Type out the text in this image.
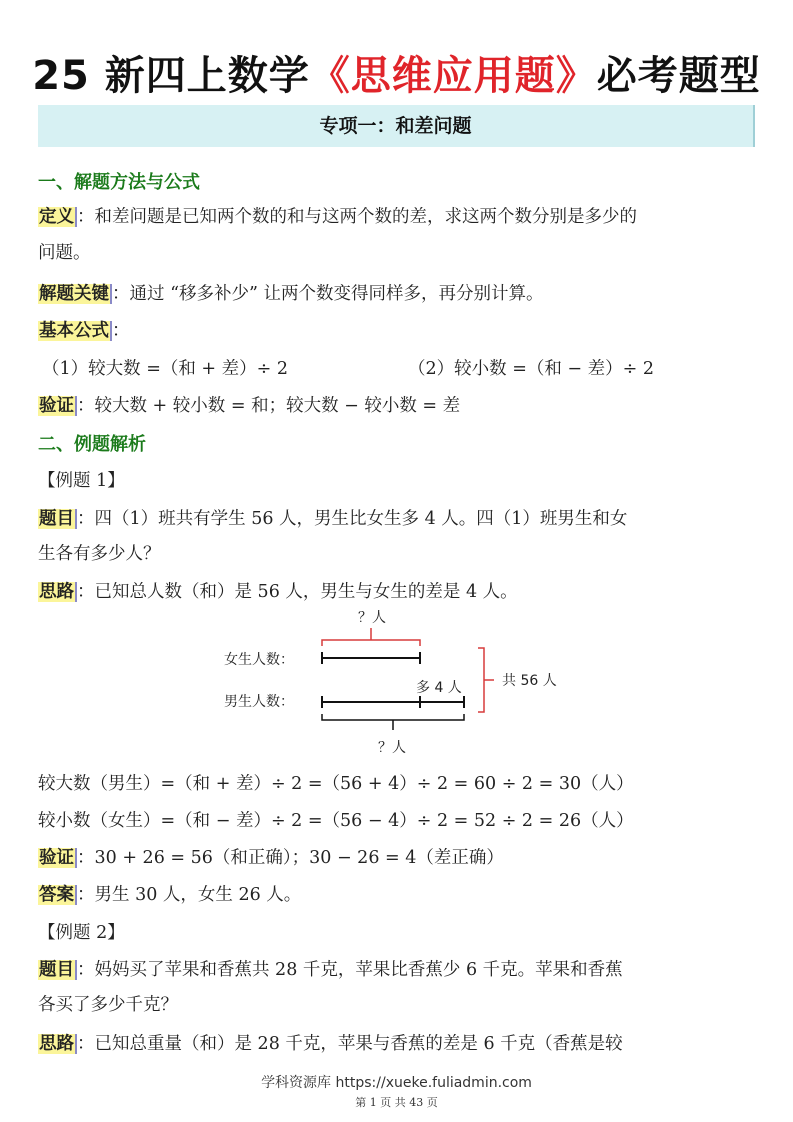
25 新四上数学《思维应用题》必考题型
专项一：和差问题
一、解题方法与公式
定义 ：和差问题是已知两个数的和与这两个数的差，求这两个数分别是多少的
问题。
解题关键 ：通过 “移多补少” 让两个数变得同样多，再分别计算。
基本公式 ：
（1）较大数 =（和 + 差）÷ 2	（2）较小数 =（和 − 差）÷ 2
验证 ：较大数 + 较小数 = 和；较大数 − 较小数 = 差
二、例题解析
【例题 1】
题目 ：四（1）班共有学生 56 人，男生比女生多 4 人。四（1）班男生和女
生各有多少人？
思路 ：已知总人数（和）是 56 人，男生与女生的差是 4 人。
？人
女生人数：
多 4 人
男生人数：
共 56 人
？人
较大数（男生）=（和 + 差）÷ 2 =（56 + 4）÷ 2 = 60 ÷ 2 = 30（人）
较小数（女生）=（和 − 差）÷ 2 =（56 − 4）÷ 2 = 52 ÷ 2 = 26（人）
验证 ：30 + 26 = 56（和正确）；30 − 26 = 4（差正确）
答案 ：男生 30 人，女生 26 人。
【例题 2】
题目 ：妈妈买了苹果和香蕉共 28 千克，苹果比香蕉少 6 千克。苹果和香蕉
各买了多少千克？
思路 ：已知总重量（和）是 28 千克，苹果与香蕉的差是 6 千克（香蕉是较
学科资源库 https://xueke.fuliadmin.com
第 1 页 共 43 页
